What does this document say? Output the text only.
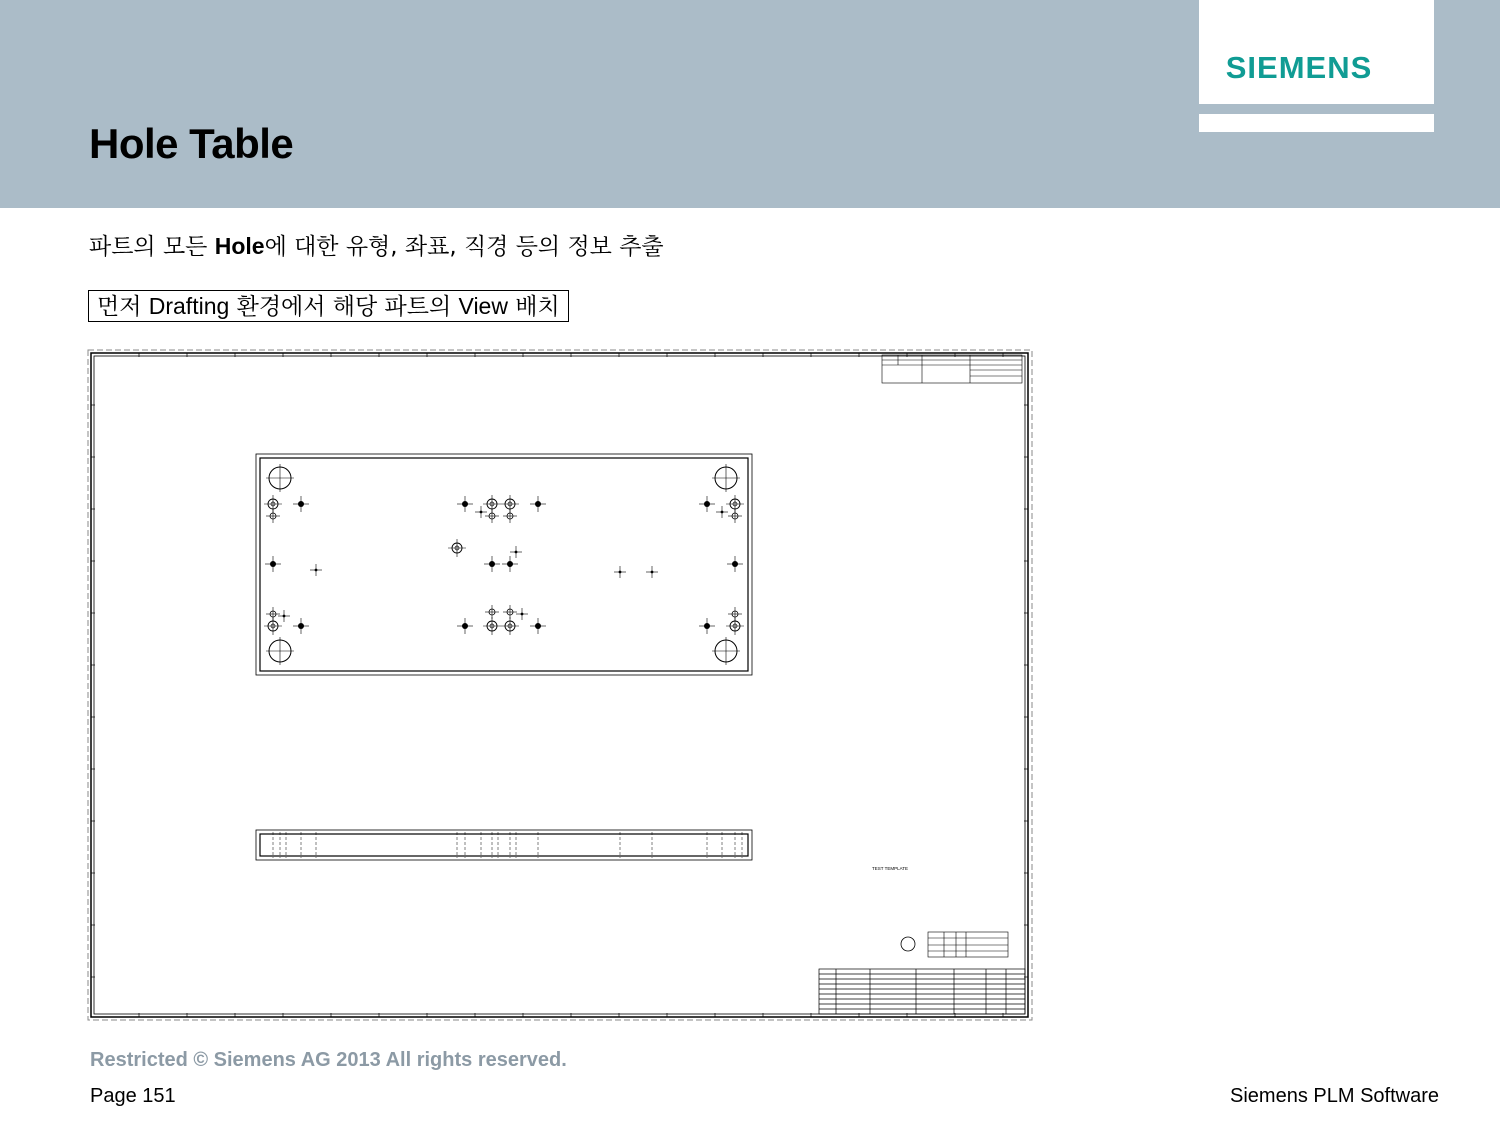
SIEMENS
Hole Table
파트의 모든 Hole에 대한 유형, 좌표, 직경 등의 정보 추출
먼저 Drafting 환경에서 해당 파트의 View 배치
TEST TEMPLATE
Restricted © Siemens AG 2013 All rights reserved.
Page 151	Siemens PLM Software
